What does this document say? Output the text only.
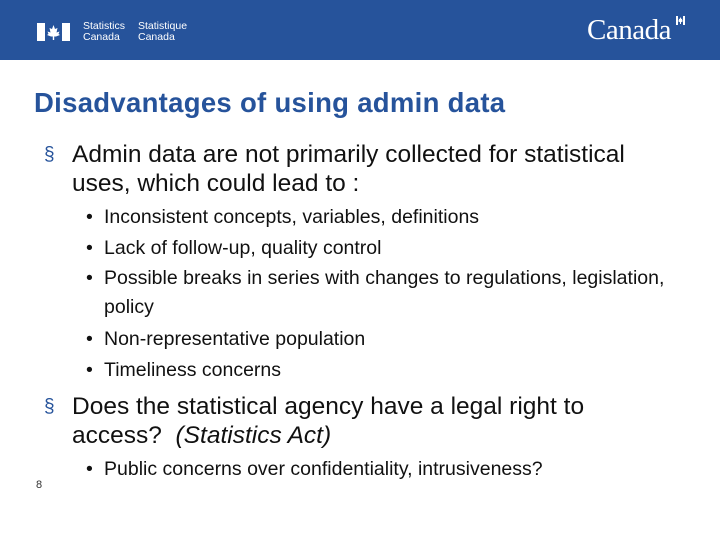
Statistics
Canada
Statistique
Canada	Canada
Disadvantages of using admin data
§ Admin data are not primarily collected for statistical uses, which could lead to :
• Inconsistent concepts, variables, definitions
• Lack of follow-up, quality control
• Possible breaks in series with changes to regulations, legislation, policy
• Non-representative population
• Timeliness concerns
§ Does the statistical agency have a legal right to access? (Statistics Act)
• Public concerns over confidentiality, intrusiveness?
8
